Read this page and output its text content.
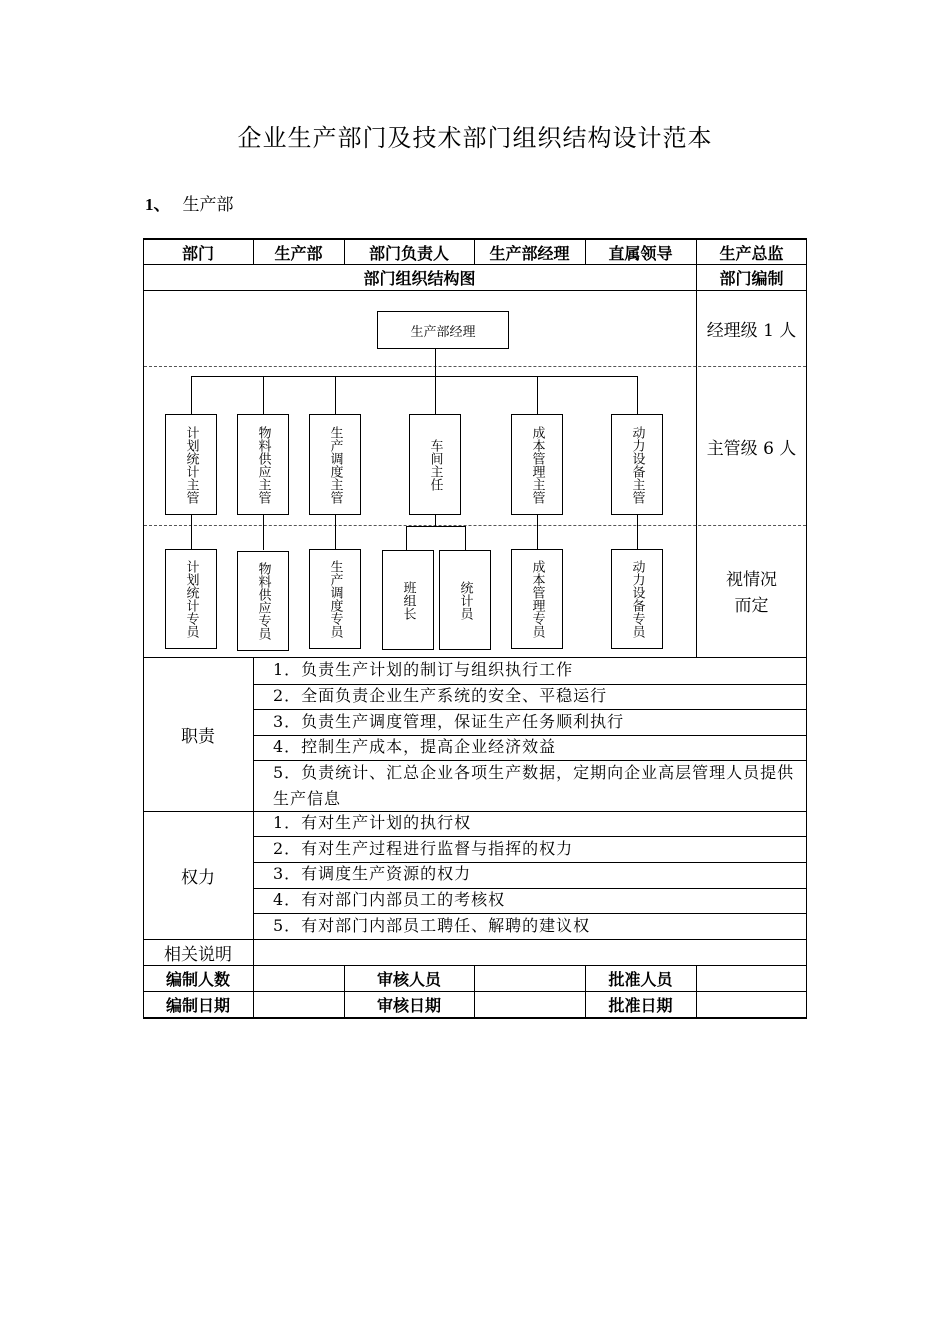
企业生产部门及技术部门组织结构设计范本
1、 生产部
部门	生产部	部门负责人	生产部经理	直属领导	生产总监
部门组织结构图	部门编制
经理级 1 人
主管级 6 人
视情况而定
生产部经理
计划统计主管	物料供应主管	生产调度主管	车间主任	成本管理主管	动力设备主管
计划统计专员	物料供应专员	生产调度专员	班组长	统计员	成本管理专员	动力设备专员
职责
1．负责生产计划的制订与组织执行工作
2．全面负责企业生产系统的安全、平稳运行
3．负责生产调度管理，保证生产任务顺利执行
4．控制生产成本，提高企业经济效益
5．负责统计、汇总企业各项生产数据，定期向企业高层管理人员提供生产信息
权力
1．有对生产计划的执行权
2．有对生产过程进行监督与指挥的权力
3．有调度生产资源的权力
4．有对部门内部员工的考核权
5．有对部门内部员工聘任、解聘的建议权
相关说明
编制人数	审核人员	批准人员
编制日期	审核日期	批准日期
